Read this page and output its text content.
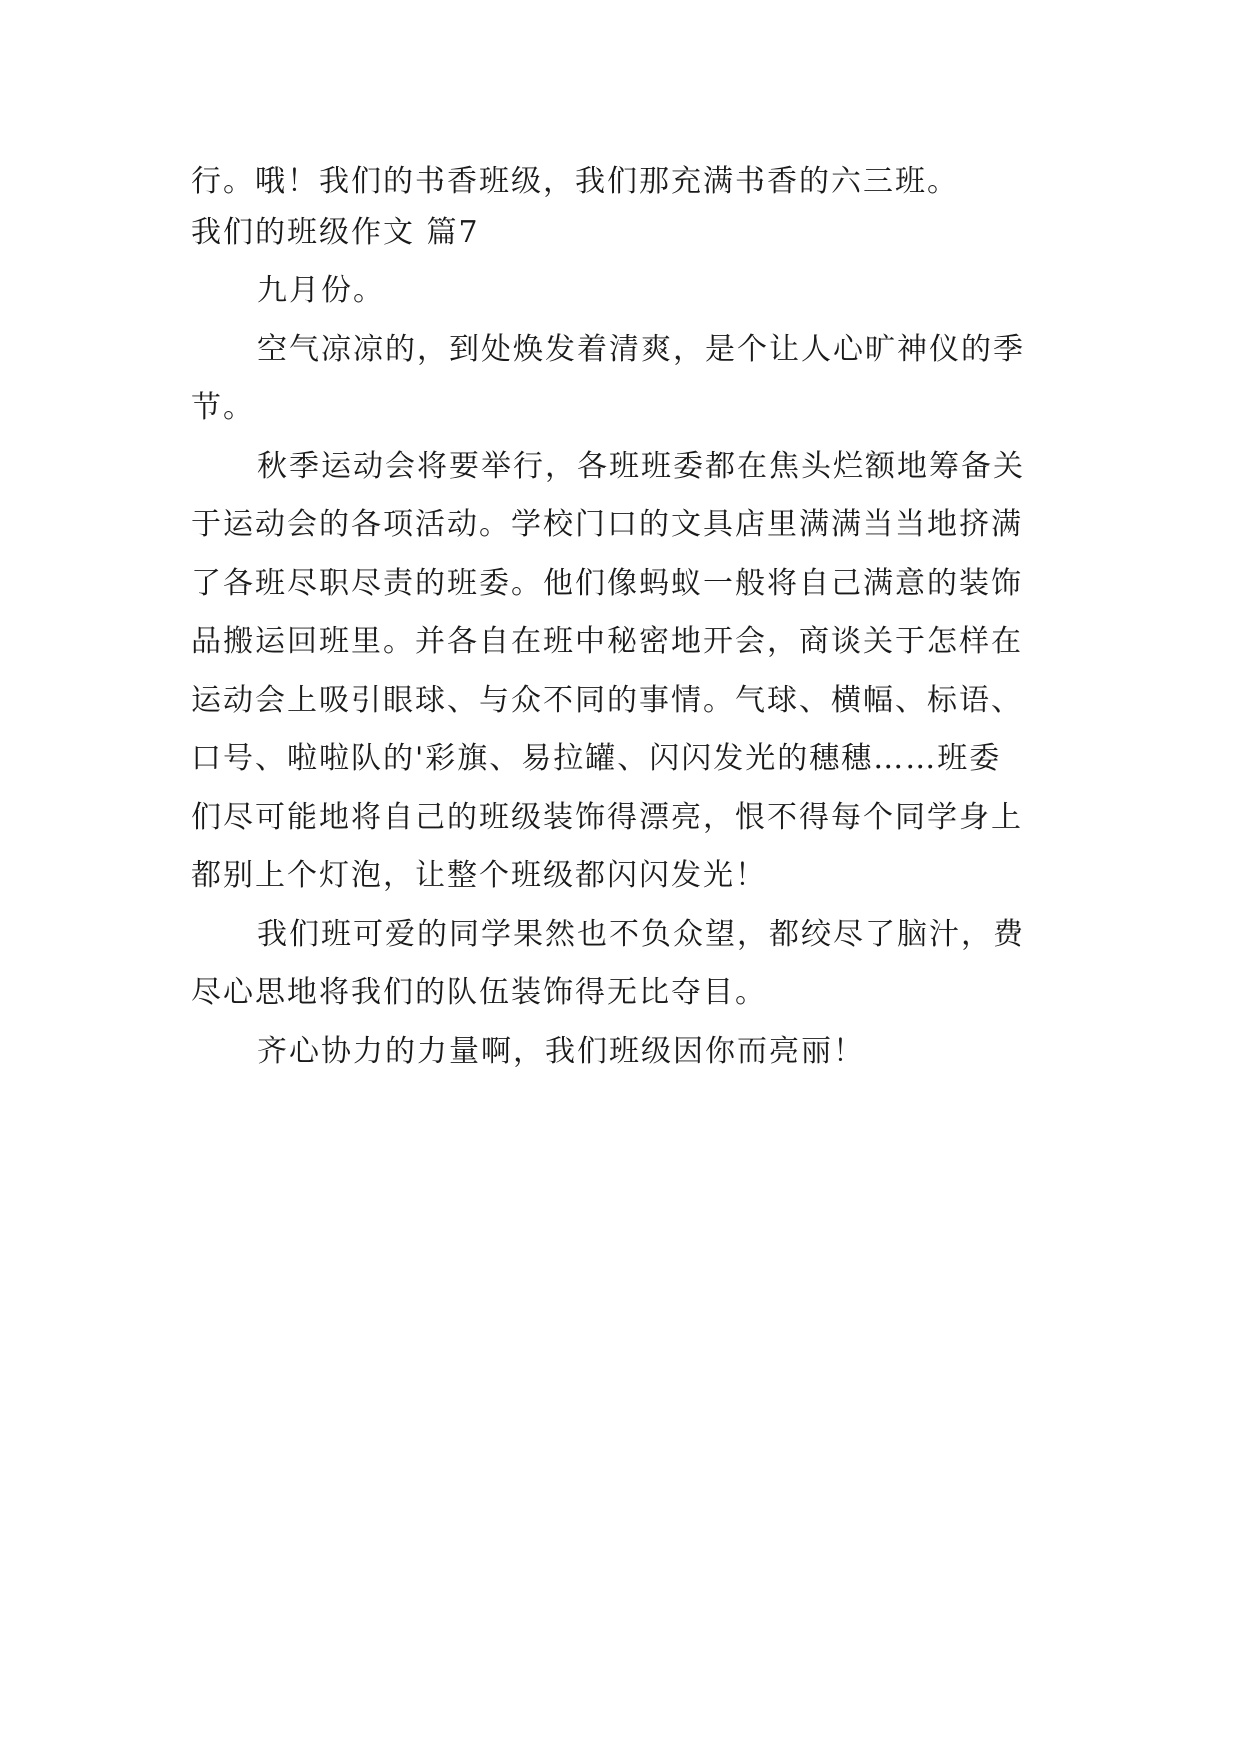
行。哦！我们的书香班级，我们那充满书香的六三班。
我们的班级作文 篇7
九月份。
空气凉凉的，到处焕发着清爽，是个让人心旷神仪的季
节。
秋季运动会将要举行，各班班委都在焦头烂额地筹备关
于运动会的各项活动。学校门口的文具店里满满当当地挤满
了各班尽职尽责的班委。他们像蚂蚁一般将自己满意的装饰
品搬运回班里。并各自在班中秘密地开会，商谈关于怎样在
运动会上吸引眼球、与众不同的事情。气球、横幅、标语、
口号、啦啦队的'彩旗、易拉罐、闪闪发光的穗穗……班委
们尽可能地将自己的班级装饰得漂亮，恨不得每个同学身上
都别上个灯泡，让整个班级都闪闪发光！
我们班可爱的同学果然也不负众望，都绞尽了脑汁，费
尽心思地将我们的队伍装饰得无比夺目。
齐心协力的力量啊，我们班级因你而亮丽！
